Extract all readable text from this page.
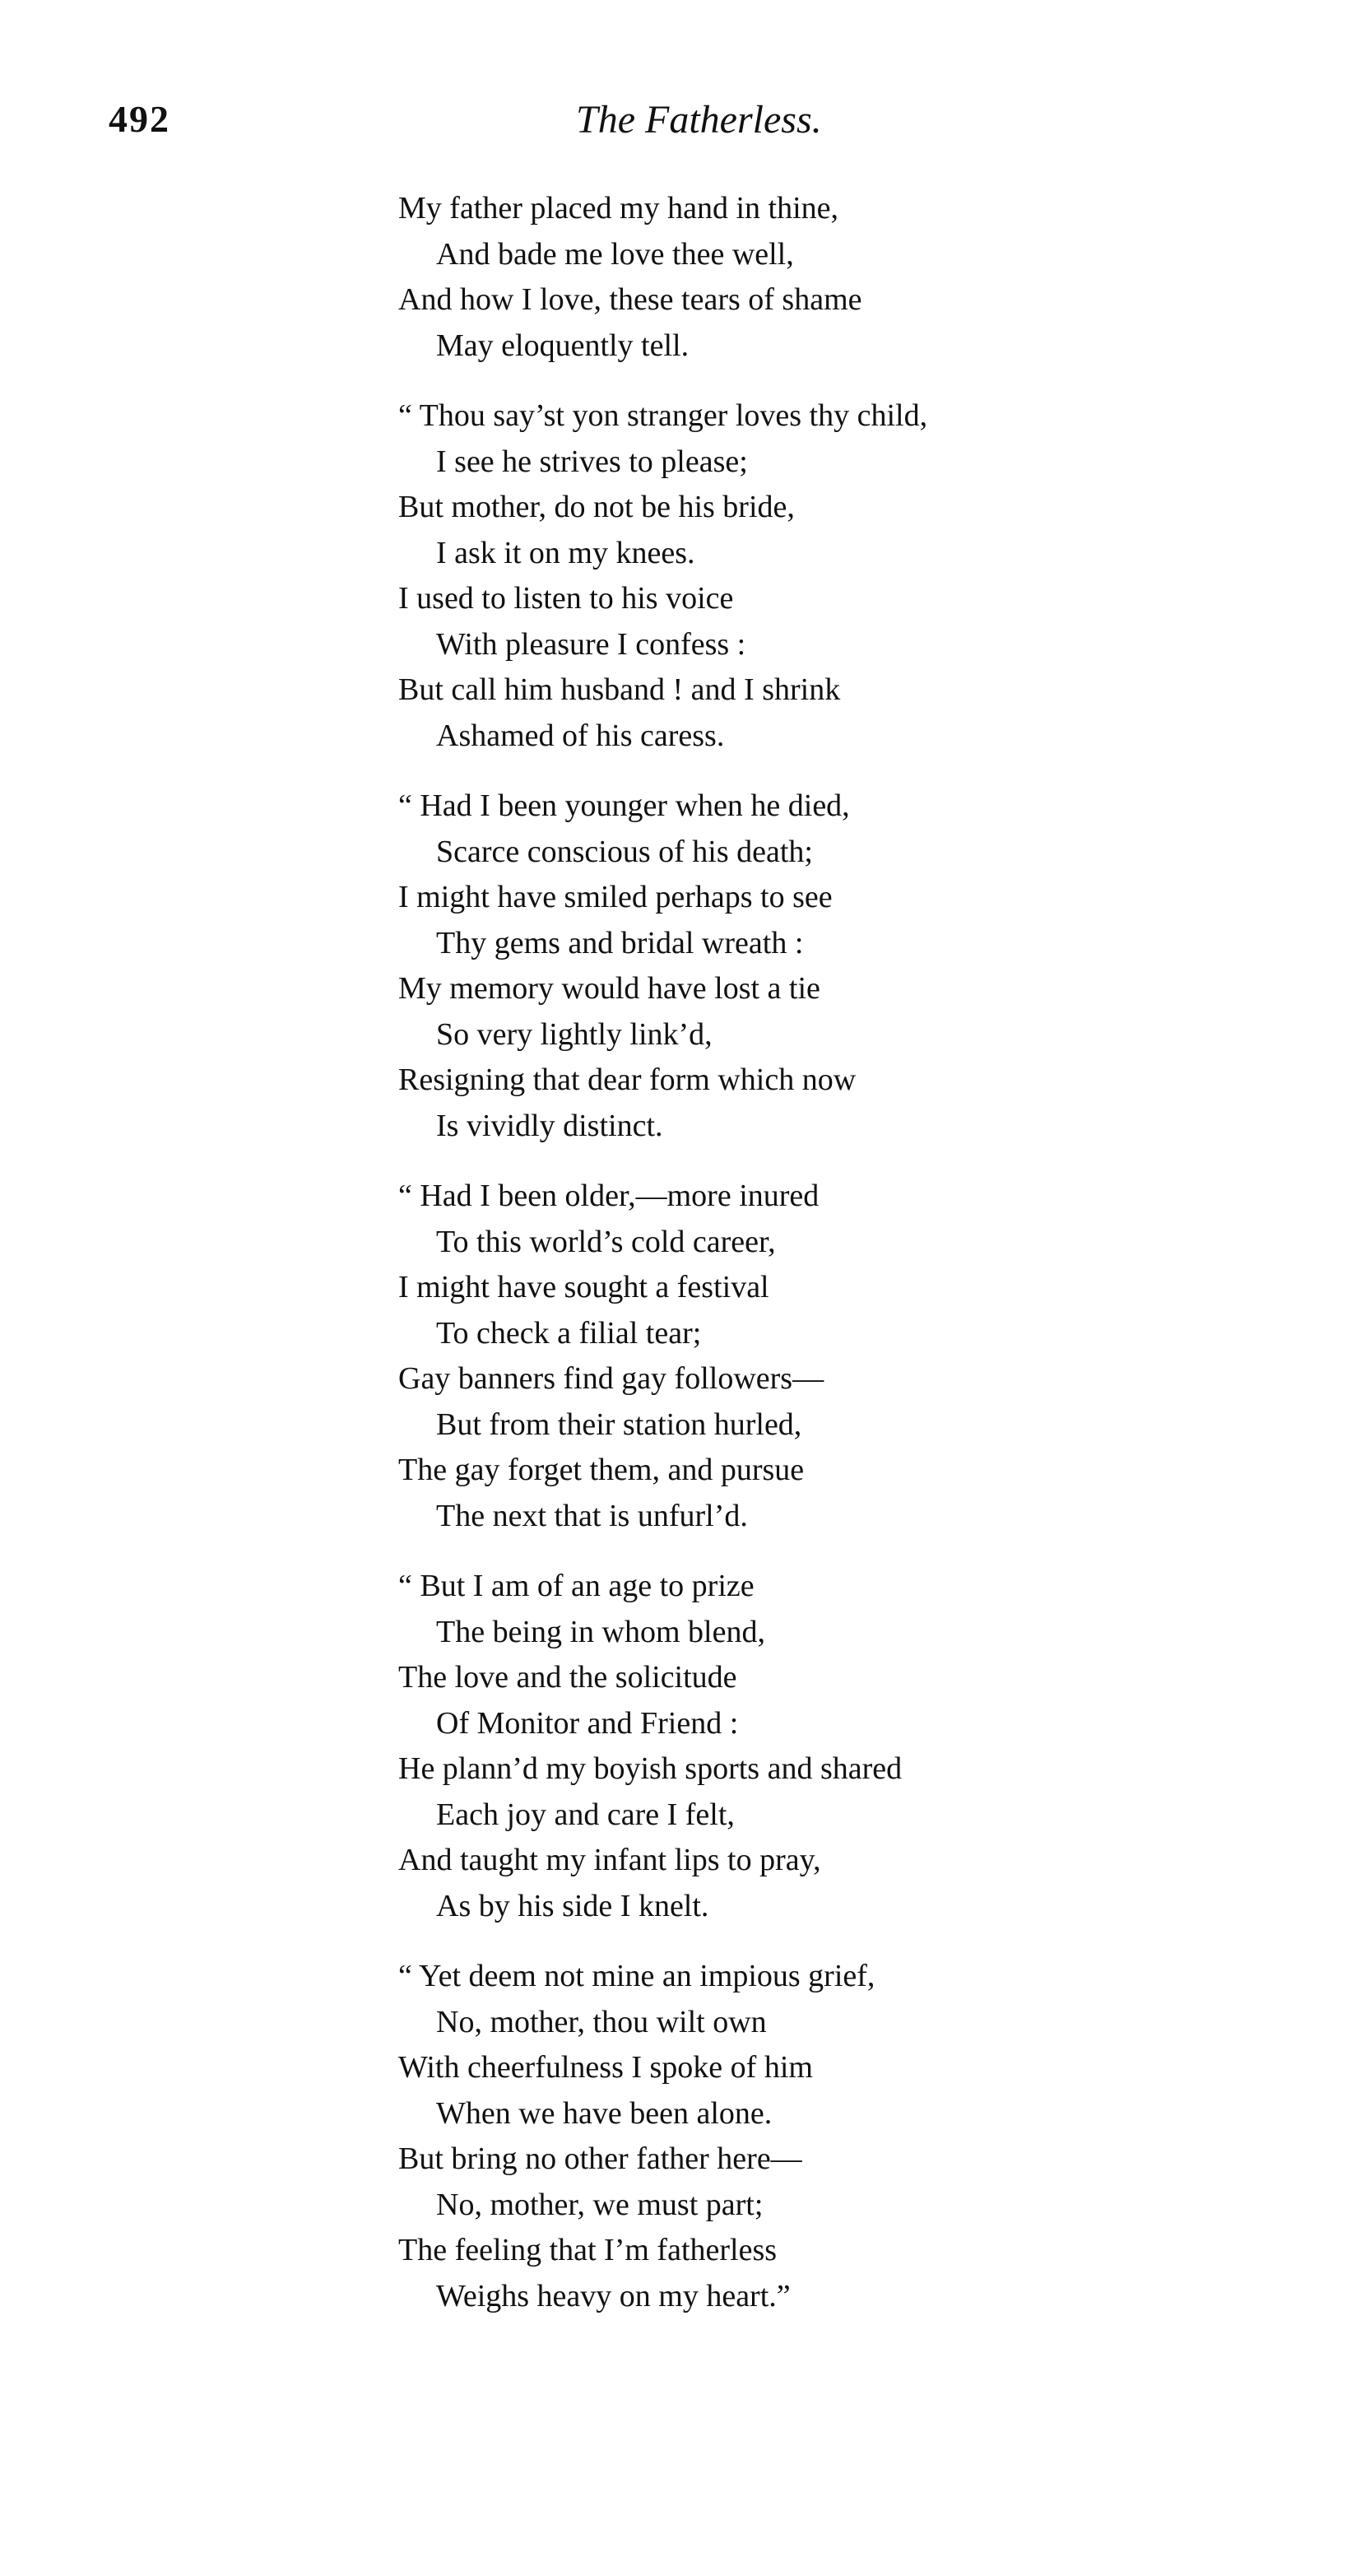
492	The Fatherless.
My father placed my hand in thine,
And bade me love thee well,
And how I love, these tears of shame
May eloquently tell.
“ Thou say’st yon stranger loves thy child,
I see he strives to please;
But mother, do not be his bride,
I ask it on my knees.
I used to listen to his voice
With pleasure I confess :
But call him husband ! and I shrink
Ashamed of his caress.
“ Had I been younger when he died,
Scarce conscious of his death;
I might have smiled perhaps to see
Thy gems and bridal wreath :
My memory would have lost a tie
So very lightly link’d,
Resigning that dear form which now
Is vividly distinct.
“ Had I been older,—more inured
To this world’s cold career,
I might have sought a festival
To check a filial tear;
Gay banners find gay followers—
But from their station hurled,
The gay forget them, and pursue
The next that is unfurl’d.
“ But I am of an age to prize
The being in whom blend,
The love and the solicitude
Of Monitor and Friend :
He plann’d my boyish sports and shared
Each joy and care I felt,
And taught my infant lips to pray,
As by his side I knelt.
“ Yet deem not mine an impious grief,
No, mother, thou wilt own
With cheerfulness I spoke of him
When we have been alone.
But bring no other father here—
No, mother, we must part;
The feeling that I’m fatherless
Weighs heavy on my heart.”
